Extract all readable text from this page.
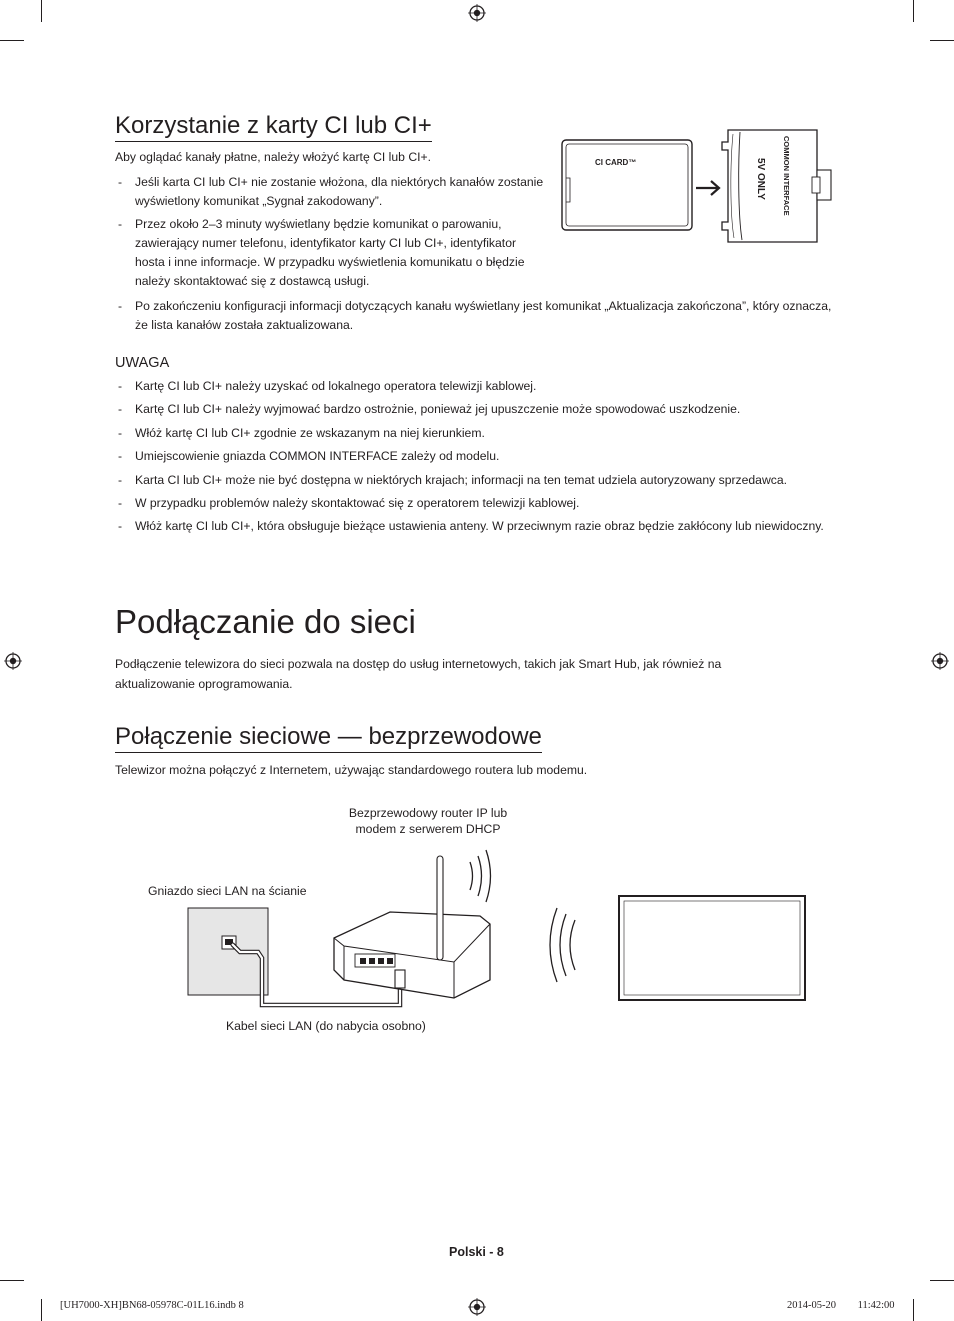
Korzystanie z karty CI lub CI+
Aby oglądać kanały płatne, należy włożyć kartę CI lub CI+.
- Jeśli karta CI lub CI+ nie zostanie włożona, dla niektórych kanałów zostanie wyświetlony komunikat „Sygnał zakodowany”.
- Przez około 2–3 minuty wyświetlany będzie komunikat o parowaniu, zawierający numer telefonu, identyfikator karty CI lub CI+, identyfikator hosta i inne informacje. W przypadku wyświetlenia komunikatu o błędzie należy skontaktować się z dostawcą usługi.
- Po zakończeniu konfiguracji informacji dotyczących kanału wyświetlany jest komunikat „Aktualizacja zakończona”, który oznacza, że lista kanałów została zaktualizowana.
CI CARD™	COMMON INTERFACE
5V ONLY
UWAGA
- Kartę CI lub CI+ należy uzyskać od lokalnego operatora telewizji kablowej.
- Kartę CI lub CI+ należy wyjmować bardzo ostrożnie, ponieważ jej upuszczenie może spowodować uszkodzenie.
- Włóż kartę CI lub CI+ zgodnie ze wskazanym na niej kierunkiem.
- Umiejscowienie gniazda COMMON INTERFACE zależy od modelu.
- Karta CI lub CI+ może nie być dostępna w niektórych krajach; informacji na ten temat udziela autoryzowany sprzedawca.
- W przypadku problemów należy skontaktować się z operatorem telewizji kablowej.
- Włóż kartę CI lub CI+, która obsługuje bieżące ustawienia anteny. W przeciwnym razie obraz będzie zakłócony lub niewidoczny.
Podłączanie do sieci
Podłączenie telewizora do sieci pozwala na dostęp do usług internetowych, takich jak Smart Hub, jak również na aktualizowanie oprogramowania.
Połączenie sieciowe — bezprzewodowe
Telewizor można połączyć z Internetem, używając standardowego routera lub modemu.
Bezprzewodowy router IP lub modem z serwerem DHCP
Gniazdo sieci LAN na ścianie
Kabel sieci LAN (do nabycia osobno)
Polski - 8
[UH7000-XH]BN68-05978C-01L16.indb 8	2014-05-20 ￿￿ 11:42:00
